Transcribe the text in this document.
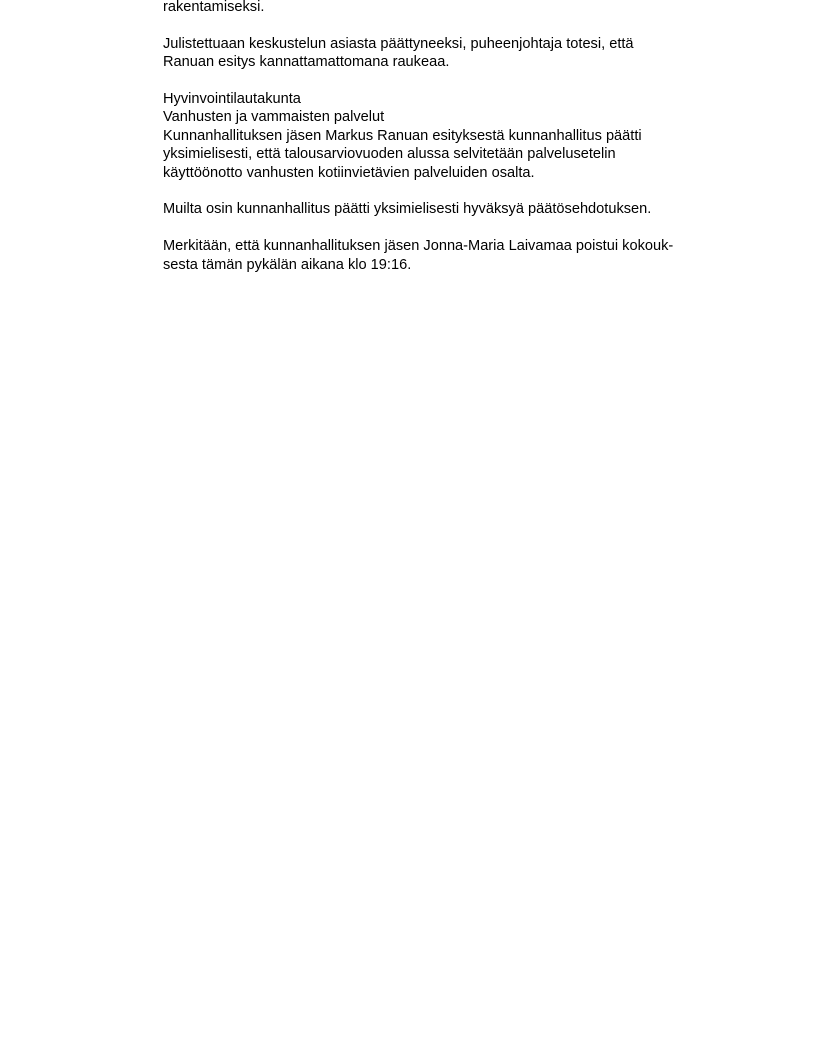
rakentamiseksi.

Julistettuaan keskustelun asiasta päättyneeksi, puheenjohtaja totesi, että
Ranuan esitys kannattamattomana raukeaa.

Hyvinvointilautakunta
Vanhusten ja vammaisten palvelut
Kunnanhallituksen jäsen Markus Ranuan esityksestä kunnanhallitus päätti
yksimielisesti, että talousarviovuoden alussa selvitetään palvelusetelin
käyttöönotto vanhusten kotiinvietävien palveluiden osalta.

Muilta osin kunnanhallitus päätti yksimielisesti hyväksyä päätösehdotuksen.

Merkitään, että kunnanhallituksen jäsen Jonna-Maria Laivamaa poistui kokouk-
sesta tämän pykälän aikana klo 19:16.
